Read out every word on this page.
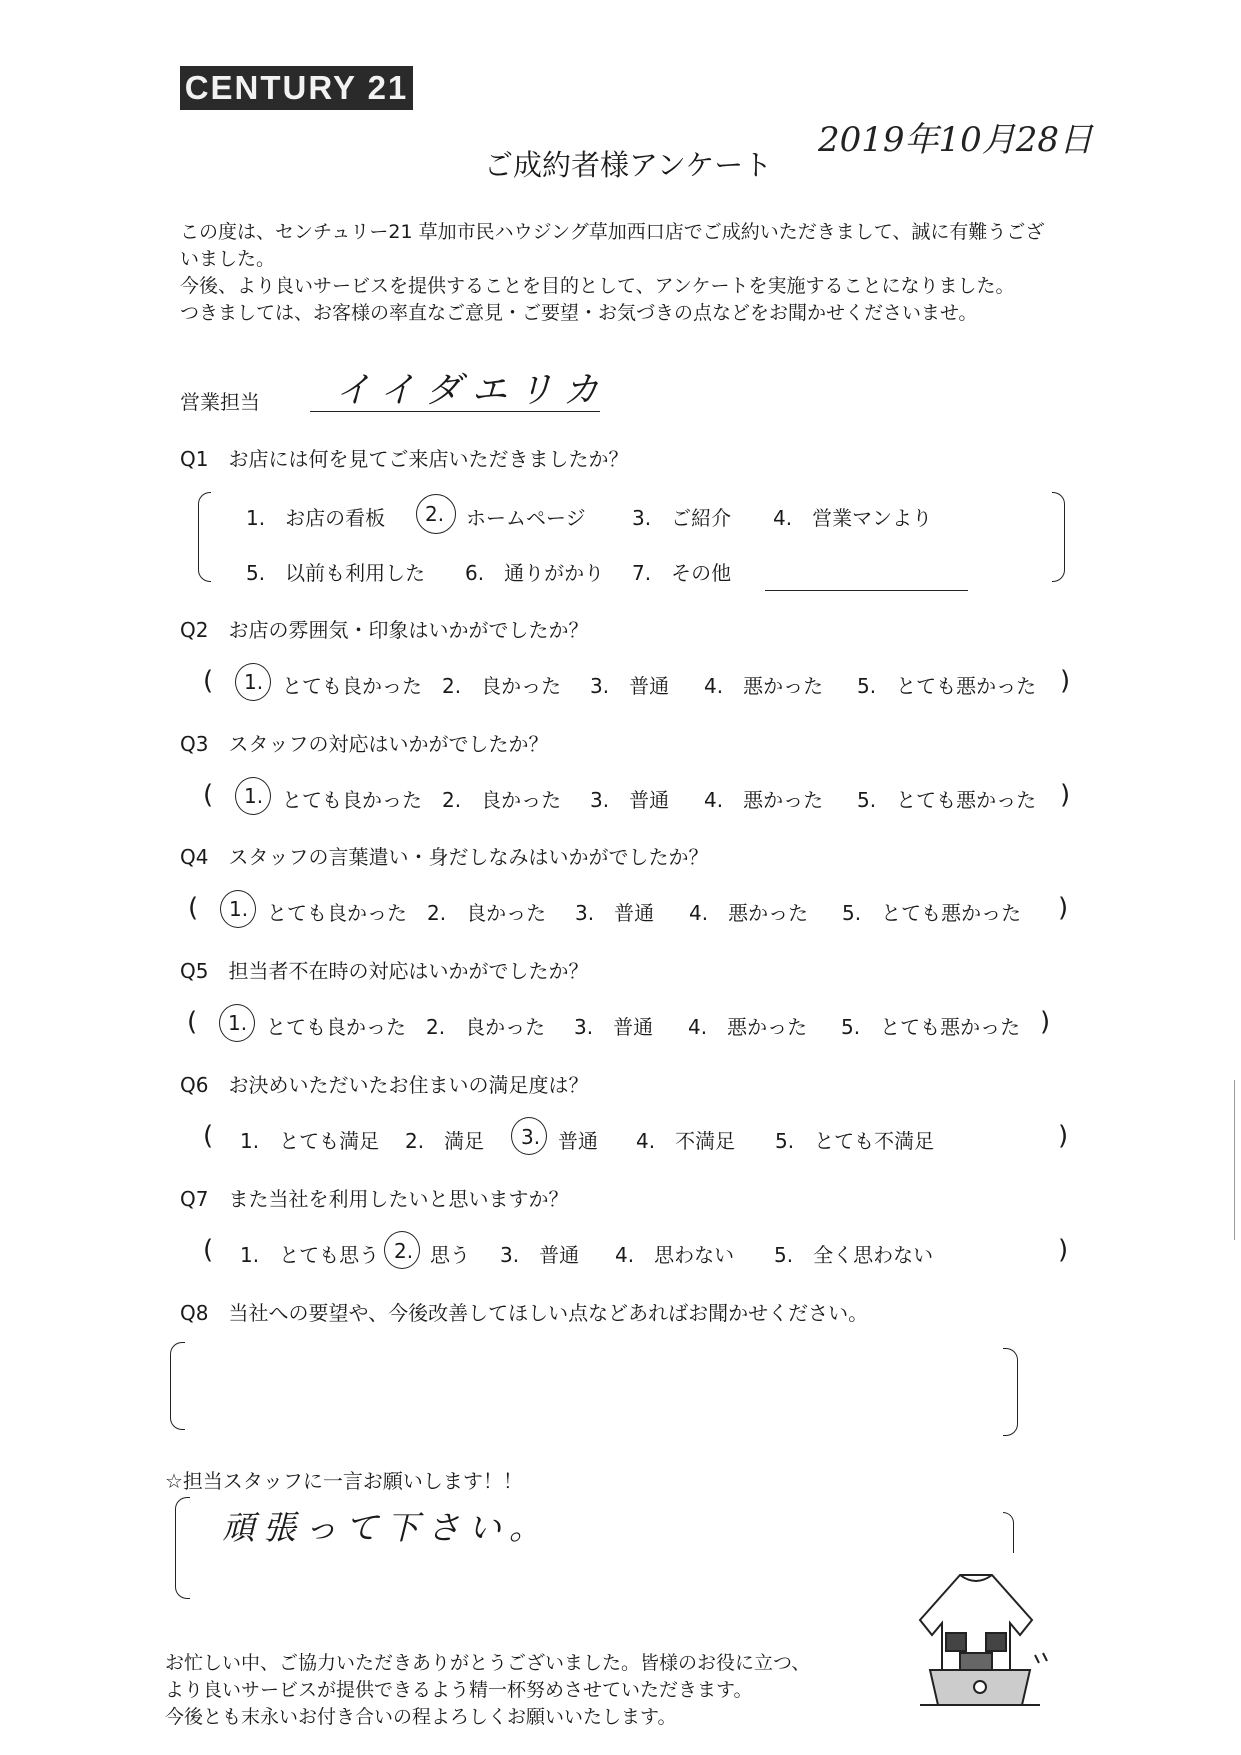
CENTURY 21
2019年10月28日
ご成約者様アンケート

この度は、センチュリー21 草加市民ハウジング草加西口店でご成約いただきまして、誠に有難うござ

いました。

今後、より良いサービスを提供することを目的として、アンケートを実施することになりました。

つきましては、お客様の率直なご意見・ご要望・お気づきの点などをお聞かせくださいませ。

営業担当 イイダエリカ
Q1　お店には何を見てご来店いただきましたか？
1.　お店の看板 2. ホームページ 3.　ご紹介 4.　営業マンより
5.　以前も利用した 6.　通りがかり 7.　その他
Q2　お店の雰囲気・印象はいかがでしたか？
( 1. とても良かった 2.　良かった 3.　普通 4.　悪かった 5.　とても悪かった )
Q3　スタッフの対応はいかがでしたか？
( 1. とても良かった 2.　良かった 3.　普通 4.　悪かった 5.　とても悪かった )
Q4　スタッフの言葉遣い・身だしなみはいかがでしたか？
( 1. とても良かった 2.　良かった 3.　普通 4.　悪かった 5.　とても悪かった )
Q5　担当者不在時の対応はいかがでしたか？
( 1. とても良かった 2.　良かった 3.　普通 4.　悪かった 5.　とても悪かった )
Q6　お決めいただいたお住まいの満足度は？
( 1.　とても満足 2.　満足 3. 普通 4.　不満足 5.　とても不満足	)
Q7　また当社を利用したいと思いますか？
( 1.　とても思う 2. 思う 3.　普通 4.　思わない 5.　全く思わない	)
Q8　当社への要望や、今後改善してほしい点などあればお聞かせください。
☆担当スタッフに一言お願いします！！
頑張って下さい。

お忙しい中、ご協力いただきありがとうございました。皆様のお役に立つ、

より良いサービスが提供できるよう精一杯努めさせていただきます。

今後とも末永いお付き合いの程よろしくお願いいたします。
